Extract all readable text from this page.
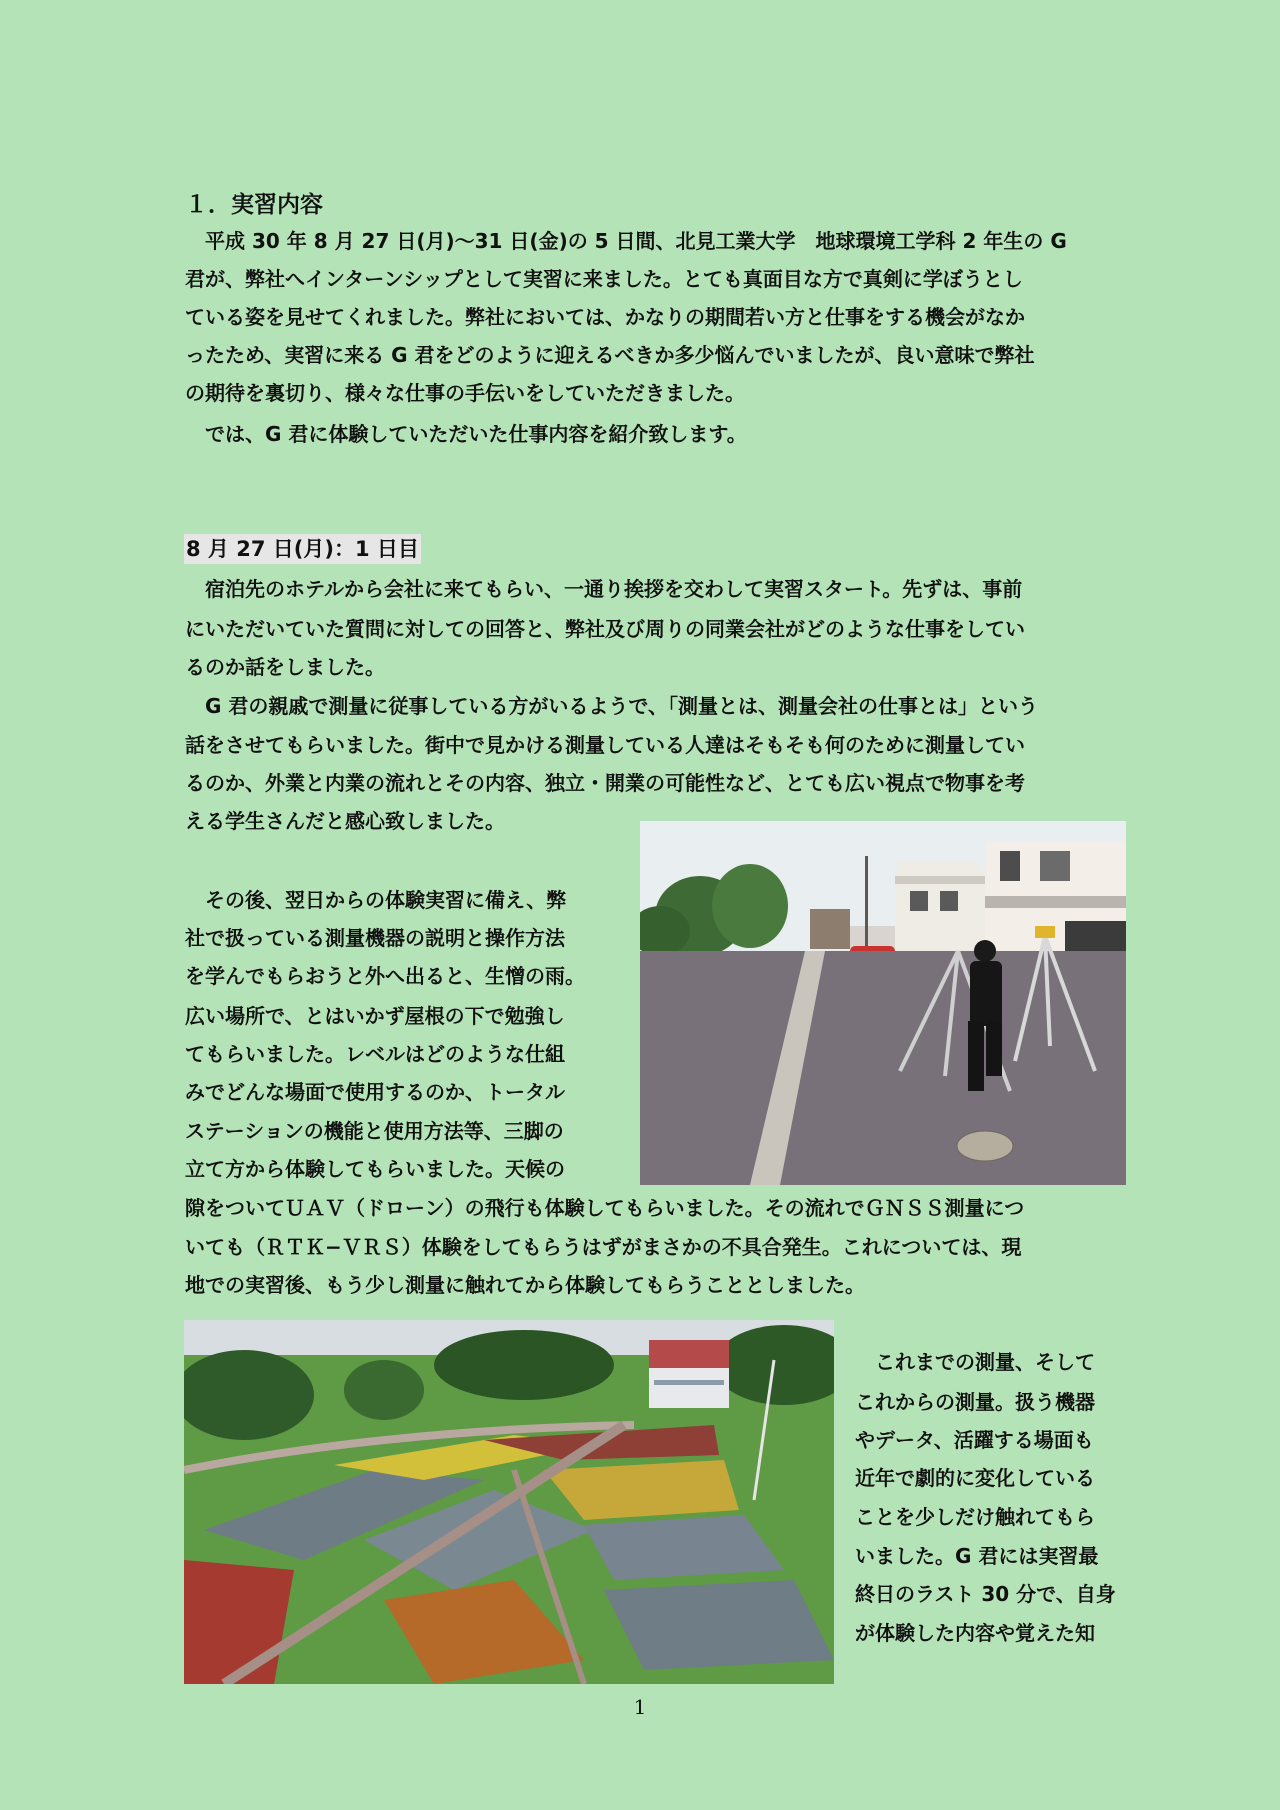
１．実習内容
　平成 30 年 8 月 27 日(月)〜31 日(金)の 5 日間、北見工業大学　地球環境工学科 2 年生の G
君が、弊社へインターンシップとして実習に来ました。とても真面目な方で真剣に学ぼうとし
ている姿を見せてくれました。弊社においては、かなりの期間若い方と仕事をする機会がなか
ったため、実習に来る G 君をどのように迎えるべきか多少悩んでいましたが、良い意味で弊社
の期待を裏切り、様々な仕事の手伝いをしていただきました。
　では、G 君に体験していただいた仕事内容を紹介致します。
8 月 27 日(月)：1 日目
　宿泊先のホテルから会社に来てもらい、一通り挨拶を交わして実習スタート。先ずは、事前
にいただいていた質問に対しての回答と、弊社及び周りの同業会社がどのような仕事をしてい
るのか話をしました。
　G 君の親戚で測量に従事している方がいるようで、「測量とは、測量会社の仕事とは」という
話をさせてもらいました。街中で見かける測量している人達はそもそも何のために測量してい
るのか、外業と内業の流れとその内容、独立・開業の可能性など、とても広い視点で物事を考
える学生さんだと感心致しました。
　その後、翌日からの体験実習に備え、弊
社で扱っている測量機器の説明と操作方法
を学んでもらおうと外へ出ると、生憎の雨。
広い場所で、とはいかず屋根の下で勉強し
てもらいました。レベルはどのような仕組
みでどんな場面で使用するのか、トータル
ステーションの機能と使用方法等、三脚の
立て方から体験してもらいました。天候の
隙をついてＵＡＶ（ドローン）の飛行も体験してもらいました。その流れでＧＮＳＳ測量につ
いても（ＲＴＫ−ＶＲＳ）体験をしてもらうはずがまさかの不具合発生。これについては、現
地での実習後、もう少し測量に触れてから体験してもらうこととしました。
　これまでの測量、そして
これからの測量。扱う機器
やデータ、活躍する場面も
近年で劇的に変化している
ことを少しだけ触れてもら
いました。G 君には実習最
終日のラスト 30 分で、自身
が体験した内容や覚えた知
1
